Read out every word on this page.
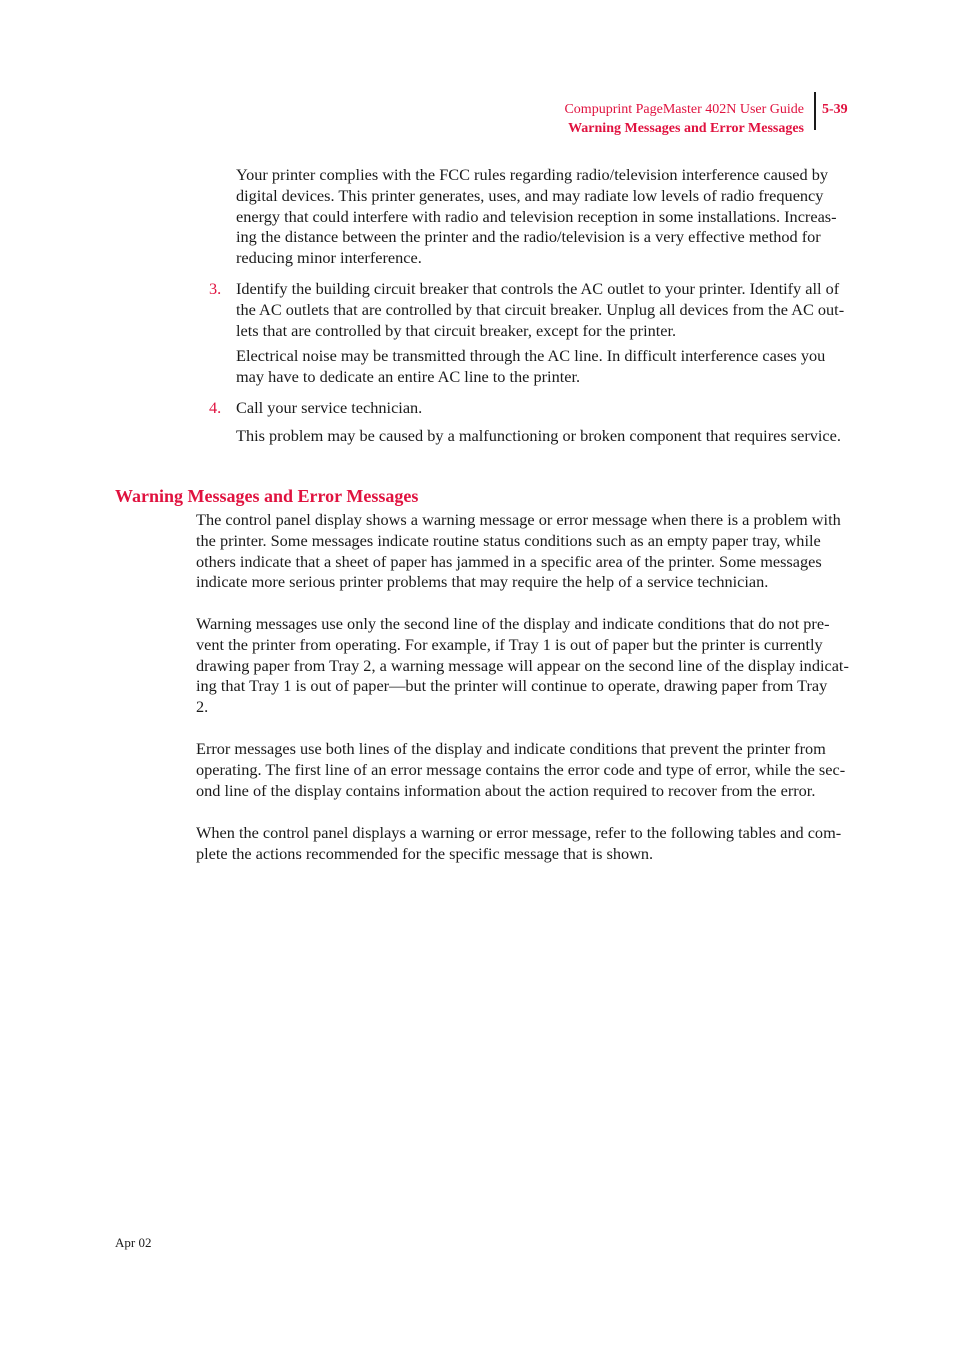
Compuprint PageMaster 402N User Guide
Warning Messages and Error Messages
5-39

Your printer complies with the FCC rules regarding radio/television interference caused by
digital devices. This printer generates, uses, and may radiate low levels of radio frequency
energy that could interfere with radio and television reception in some installations. Increas-
ing the distance between the printer and the radio/television is a very effective method for
reducing minor interference.

3. Identify the building circuit breaker that controls the AC outlet to your printer. Identify all of
the AC outlets that are controlled by that circuit breaker. Unplug all devices from the AC out-
lets that are controlled by that circuit breaker, except for the printer.

Electrical noise may be transmitted through the AC line. In difficult interference cases you
may have to dedicate an entire AC line to the printer.

4. Call your service technician.

This problem may be caused by a malfunctioning or broken component that requires service.

Warning Messages and Error Messages

The control panel display shows a warning message or error message when there is a problem with
the printer. Some messages indicate routine status conditions such as an empty paper tray, while
others indicate that a sheet of paper has jammed in a specific area of the printer. Some messages
indicate more serious printer problems that may require the help of a service technician.

Warning messages use only the second line of the display and indicate conditions that do not pre-
vent the printer from operating. For example, if Tray 1 is out of paper but the printer is currently
drawing paper from Tray 2, a warning message will appear on the second line of the display indicat-
ing that Tray 1 is out of paper—but the printer will continue to operate, drawing paper from Tray
2.

Error messages use both lines of the display and indicate conditions that prevent the printer from
operating. The first line of an error message contains the error code and type of error, while the sec-
ond line of the display contains information about the action required to recover from the error.

When the control panel displays a warning or error message, refer to the following tables and com-
plete the actions recommended for the specific message that is shown.

Apr 02
